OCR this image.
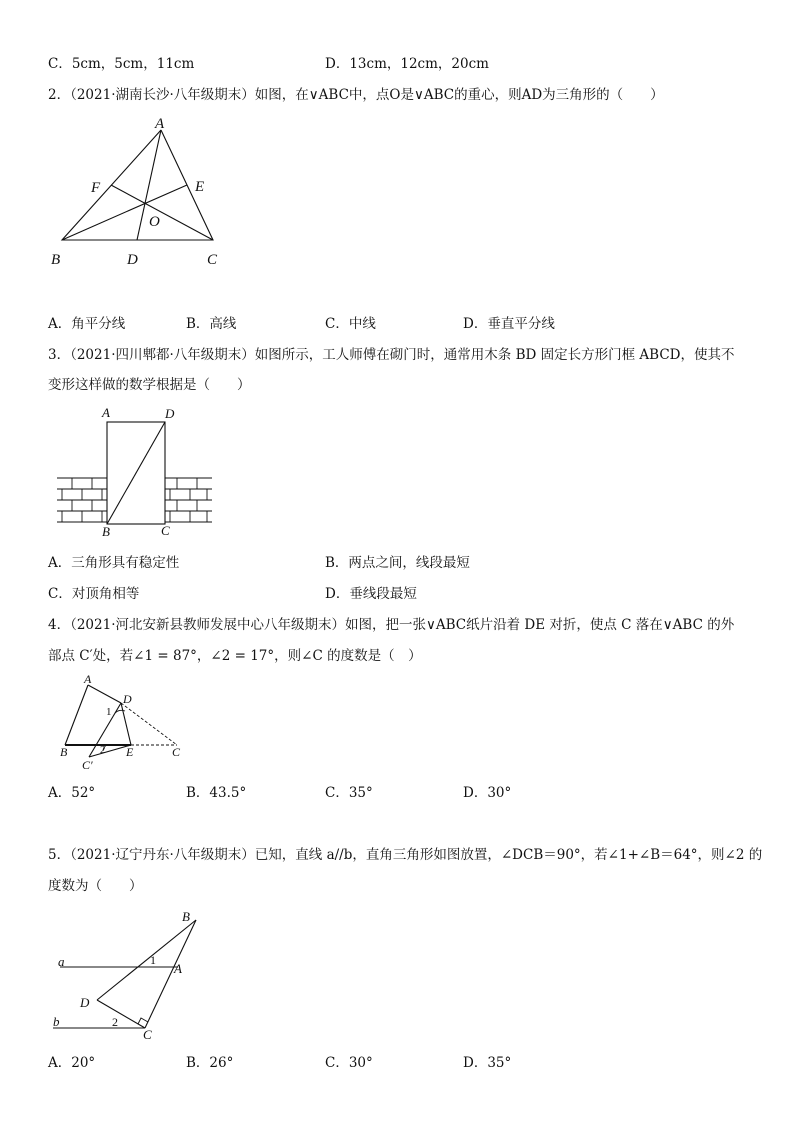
C．5cm，5cm，11cm	D．13cm，12cm，20cm
2．（2021·湖南长沙·八年级期末）如图，在∨ABC中，点O是∨ABC的重心，则AD为三角形的（　　）
A
B	D	C
F	E
O
A．角平分线	B．高线	C．中线	D．垂直平分线
3．（2021·四川郫都·八年级期末）如图所示，工人师傅在砌门时，通常用木条 BD 固定长方形门框 ABCD，使其不
变形这样做的数学根据是（　　）
A	D
B	C
A．三角形具有稳定性	B．两点之间，线段最短
C．对顶角相等	D．垂线段最短
4．（2021·河北安新县教师发展中心八年级期末）如图，把一张∨ABC纸片沿着 DE 对折，使点 C 落在∨ABC 的外
部点 C′处，若∠1 = 87°，∠2 = 17°，则∠C 的度数是（　）
A
D
B	E	C
C′
1
2
A．52°	B．43.5°	C．35°	D．30°
5．（2021·辽宁丹东·八年级期末）已知，直线 a//b，直角三角形如图放置，∠DCB＝90°，若∠1+∠B＝64°，则∠2 的
度数为（　　）
B
a	A
1
D
b	2
C
A．20°	B．26°	C．30°	D．35°
